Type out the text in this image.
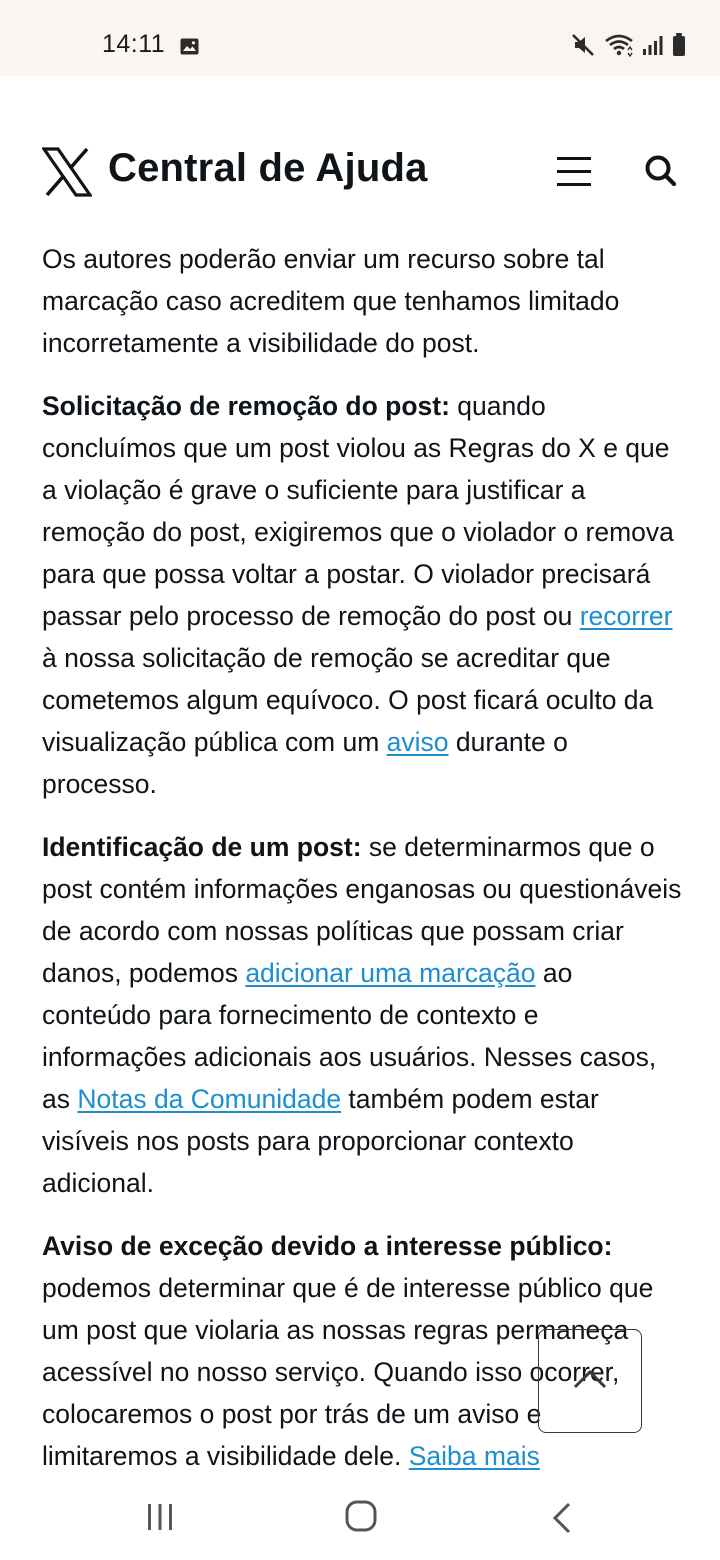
14:11
Central de Ajuda

Os autores poderão enviar um recurso sobre tal marcação caso acreditem que tenhamos limitado incorretamente a visibilidade do post.

Solicitação de remoção do post: quando concluímos que um post violou as Regras do X e que a violação é grave o suficiente para justificar a remoção do post, exigiremos que o violador o remova para que possa voltar a postar. O violador precisará passar pelo processo de remoção do post ou recorrer à nossa solicitação de remoção se acreditar que cometemos algum equívoco. O post ficará oculto da visualização pública com um aviso durante o processo.

Identificação de um post: se determinarmos que o post contém informações enganosas ou questionáveis de acordo com nossas políticas que possam criar danos, podemos adicionar uma marcação ao conteúdo para fornecimento de contexto e informações adicionais aos usuários. Nesses casos, as Notas da Comunidade também podem estar visíveis nos posts para proporcionar contexto adicional.

Aviso de exceção devido a interesse público: podemos determinar que é de interesse público que um post que violaria as nossas regras permaneça acessível no nosso serviço. Quando isso ocorrer, colocaremos o post por trás de um aviso e limitaremos a visibilidade dele. Saiba mais
